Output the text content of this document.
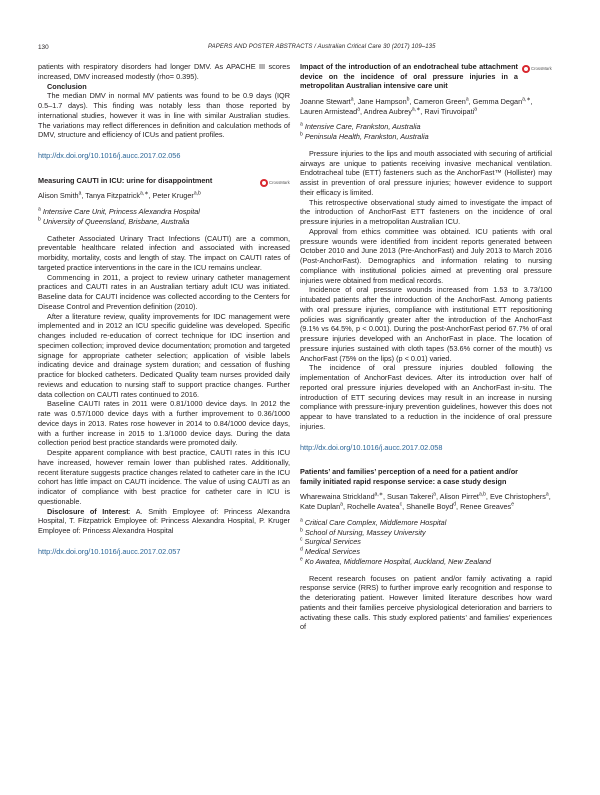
130	PAPERS AND POSTER ABSTRACTS / Australian Critical Care 30 (2017) 109–135

patients with respiratory disorders had longer DMV. As APACHE III scores increased, DMV increased modestly (rho= 0.395).

Conclusion

The median DMV in normal MV patients was found to be 0.9 days (IQR 0.5–1.7 days). This finding was notably less than those reported by international studies, however it was in line with similar Australian studies. The variations may reflect differences in definition and calculation methods of DMV, structure and efficiency of ICUs and patient profiles.

http://dx.doi.org/10.1016/j.aucc.2017.02.056

Measuring CAUTI in ICU: urine for disappointment	CrossMark
Alison Smith$^a$, Tanya Fitzpatrick$^{a,∗}$, Peter Kruger$^{a,b}$
$^a$ Intensive Care Unit, Princess Alexandra Hospital
$^b$ University of Queensland, Brisbane, Australia

Catheter Associated Urinary Tract Infections (CAUTI) are a common, preventable healthcare related infection and associated with increased morbidity, mortality, costs and length of stay. The impact on CAUTI rates of targeted practice interventions in the care in the ICU remains unclear.

Commencing in 2011, a project to review urinary catheter management practices and CAUTI rates in an Australian tertiary adult ICU was initiated. Baseline data for CAUTI incidence was collected according to the Centers for Disease Control and Prevention definition (2010).

After a literature review, quality improvements for IDC management were implemented and in 2012 an ICU specific guideline was developed. Specific changes included re-education of correct technique for IDC insertion and specimen collection; improved device documentation; promotion and targeted signage for appropriate catheter selection; application of visible labels indicating device and drainage system duration; and cessation of flushing practice for blocked catheters. Dedicated Quality team nurses provided daily reviews and education to nursing staff to support practice changes. Further data collection on CAUTI rates continued to 2016.

Baseline CAUTI rates in 2011 were 0.81/1000 device days. In 2012 the rate was 0.57/1000 device days with a further improvement to 0.36/1000 device days in 2013. Rates rose however in 2014 to 0.84/1000 device days, with a further increase in 2015 to 1.3/1000 device days. During the data collection period best practice standards were promoted daily.

Despite apparent compliance with best practice, CAUTI rates in this ICU have increased, however remain lower than published rates. Additionally, recent literature suggests practice changes related to catheter care in the ICU cohort has little impact on CAUTI incidence. The value of using CAUTI as an indicator of compliance with best practice for catheter care in ICU is questionable.

Disclosure of Interest: A. Smith Employee of: Princess Alexandra Hospital, T. Fitzpatrick Employee of: Princess Alexandra Hospital, P. Kruger Employee of: Princess Alexandra Hospital

http://dx.doi.org/10.1016/j.aucc.2017.02.057

Impact of the introduction of an endotracheal tube attachment device on the incidence of oral pressure injuries in a metropolitan Australian intensive care unit

CrossMark
Joanne Stewart$^a$, Jane Hampson$^b$, Cameron Green$^a$, Gemma Degan$^{a,∗}$, Lauren Armistead$^a$, Andrea Aubrey$^{a,∗}$, Ravi Tiruvoipati$^a$
$^a$ Intensive Care, Frankston, Australia
$^b$ Peninsula Health, Frankston, Australia

Pressure injuries to the lips and mouth associated with securing of artificial airways are unique to patients receiving invasive mechanical ventilation. Endotracheal tube (ETT) fasteners such as the AnchorFast™ (Hollister) may assist in prevention of oral pressure injuries; however evidence to support their efficacy is limited.

This retrospective observational study aimed to investigate the impact of the introduction of AnchorFast ETT fasteners on the incidence of oral pressure injuries in a metropolitan Australian ICU.

Approval from ethics committee was obtained. ICU patients with oral pressure wounds were identified from incident reports generated between October 2010 and June 2013 (Pre-AnchorFast) and July 2013 to March 2016 (Post-AnchorFast). Demographics and information relating to nursing compliance with institutional policies aimed at preventing oral pressure injuries were obtained from medical records.

Incidence of oral pressure wounds increased from 1.53 to 3.73/100 intubated patients after the introduction of the AnchorFast. Among patients with oral pressure injuries, compliance with institutional ETT repositioning policies was significantly greater after the introduction of the AnchorFast (9.1% vs 64.5%, p < 0.001). During the post-AnchorFast period 67.7% of oral pressure injuries developed with an AnchorFast in place. The location of pressure injuries sustained with cloth tapes (53.6% corner of the mouth) vs AnchorFast (75% on the lips) (p < 0.01) varied.

The incidence of oral pressure injuries doubled following the implementation of AnchorFast devices. After its introduction over half of reported oral pressure injuries developed with an AnchorFast in-situ. The introduction of ETT securing devices may result in an increase in nursing compliance with pressure-injury prevention guidelines, however this does not appear to have translated to a reduction in the incidence of oral pressure injuries.

http://dx.doi.org/10.1016/j.aucc.2017.02.058

Patients’ and families’ perception of a need for a patient and/or family initiated rapid response service: a case study design

Wharewaina Strickland$^{a,∗}$, Susan Takerei$^a$, Alison Pirret$^{a,b}$, Eve Christophers$^a$, Kate Duplan$^a$, Rochelle Avatea$^c$, Shanelle Boyd$^d$, Renee Greaves$^e$
$^a$ Critical Care Complex, Middlemore Hospital
$^b$ School of Nursing, Massey University
$^c$ Surgical Services
$^d$ Medical Services
$^e$ Ko Awatea, Middlemore Hospital, Auckland, New Zealand

Recent research focuses on patient and/or family activating a rapid response service (RRS) to further improve early recognition and response to the deteriorating patient. However limited literature describes how ward patients and their families perceive physiological deterioration and barriers to activating these calls. This study explored patients’ and families’ experiences of
